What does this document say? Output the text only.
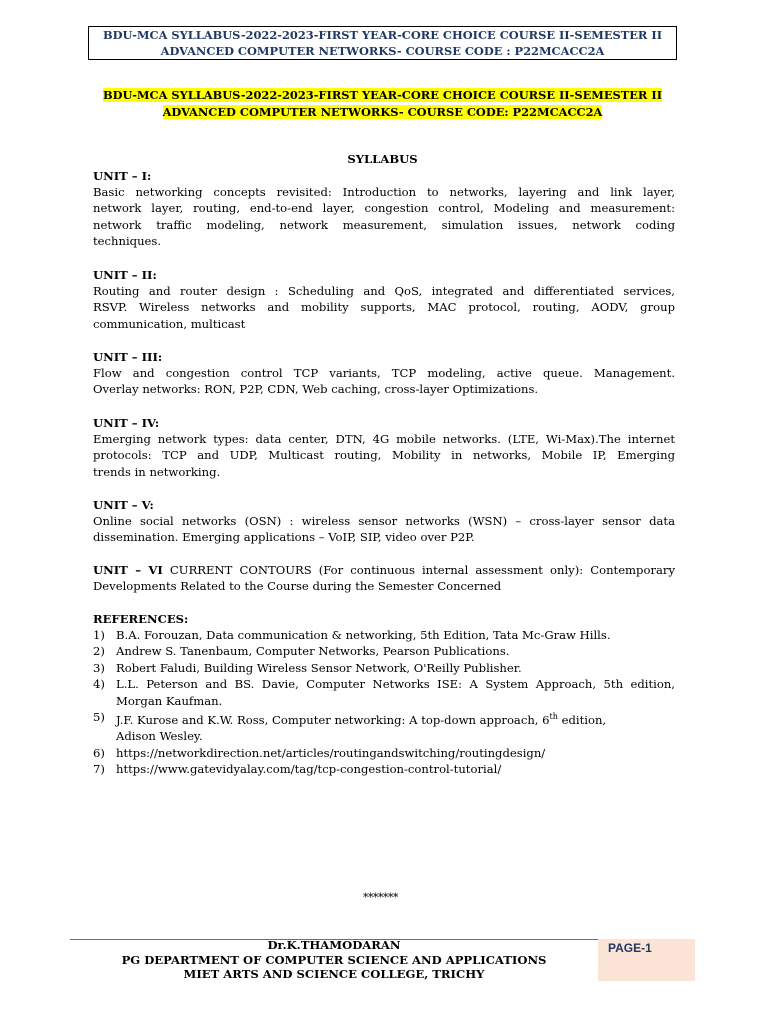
BDU-MCA SYLLABUS-2022-2023-FIRST YEAR-CORE CHOICE COURSE II-SEMESTER II
ADVANCED COMPUTER NETWORKS- COURSE CODE : P22MCACC2A
BDU-MCA SYLLABUS-2022-2023-FIRST YEAR-CORE CHOICE COURSE II-SEMESTER II
ADVANCED COMPUTER NETWORKS- COURSE CODE: P22MCACC2A
SYLLABUS
UNIT – I:
Basic networking concepts revisited: Introduction to networks, layering and link layer,
network layer, routing, end-to-end layer, congestion control, Modeling and measurement:
network traffic modeling, network measurement, simulation issues, network coding
techniques.
UNIT – II:
Routing and router design : Scheduling and QoS, integrated and differentiated services,
RSVP. Wireless networks and mobility supports, MAC protocol, routing, AODV, group
communication, multicast
UNIT – III:
Flow and congestion control TCP variants, TCP modeling, active queue. Management.
Overlay networks: RON, P2P, CDN, Web caching, cross-layer Optimizations.
UNIT – IV:
Emerging network types: data center, DTN, 4G mobile networks. (LTE, Wi-Max).The internet
protocols: TCP and UDP, Multicast routing, Mobility in networks, Mobile IP, Emerging
trends in networking.
UNIT – V:
Online social networks (OSN) : wireless sensor networks (WSN) – cross-layer sensor data
dissemination. Emerging applications – VoIP, SIP, video over P2P.
UNIT – VI CURRENT CONTOURS (For continuous internal assessment only): Contemporary
Developments Related to the Course during the Semester Concerned
REFERENCES:
1) B.A. Forouzan, Data communication & networking, 5th Edition, Tata Mc-Graw Hills.
2) Andrew S. Tanenbaum, Computer Networks, Pearson Publications.
3) Robert Faludi, Building Wireless Sensor Network, O'Reilly Publisher.
4) L.L. Peterson and BS. Davie, Computer Networks ISE: A System Approach, 5th edition,
Morgan Kaufman.
5) J.F. Kurose and K.W. Ross, Computer networking: A top-down approach, 6th edition,
Adison Wesley.
6) https://networkdirection.net/articles/routingandswitching/routingdesign/
7) https://www.gatevidyalay.com/tag/tcp-congestion-control-tutorial/
*******
Dr.K.THAMODARAN
PG DEPARTMENT OF COMPUTER SCIENCE AND APPLICATIONS
MIET ARTS AND SCIENCE COLLEGE, TRICHY
PAGE-1
